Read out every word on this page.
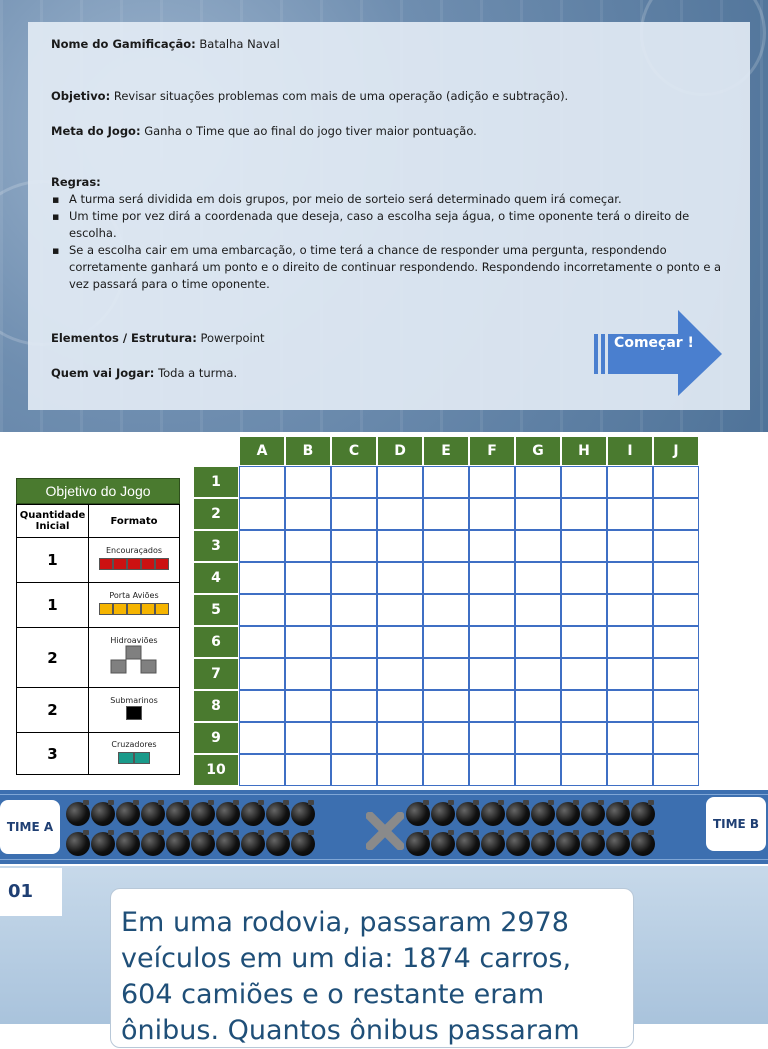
Nome do Gamificação: Batalha Naval
Objetivo: Revisar situações problemas com mais de uma operação (adição e subtração).
Meta do Jogo: Ganha o Time que ao final do jogo tiver maior pontuação.
Regras:
▪ A turma será dividida em dois grupos, por meio de sorteio será determinado quem irá começar.
▪ Um time por vez dirá a coordenada que deseja, caso a escolha seja água, o time oponente terá o direito de escolha.
▪ Se a escolha cair em uma embarcação, o time terá a chance de responder uma pergunta, respondendo corretamente ganhará um ponto e o direito de continuar respondendo. Respondendo incorretamente o ponto e a vez passará para o time oponente.
Elementos / Estrutura: Powerpoint
Quem vai Jogar: Toda a turma.
Começar !
Objetivo do Jogo
Quantidade Inicial	Formato
1	Encouraçados

1	Porta Aviões

2	Hidroaviões

2	Submarinos

3	Cruzadores
	A	B	C	D	E	F	G	H	I	J
1										
2										
3										
4										
5										
6										
7										
8										
9										
10										
TIME A	TIME B
01
Em uma rodovia, passaram 2978 veículos em um dia: 1874 carros, 604 camiões e o restante eram ônibus. Quantos ônibus passaram
